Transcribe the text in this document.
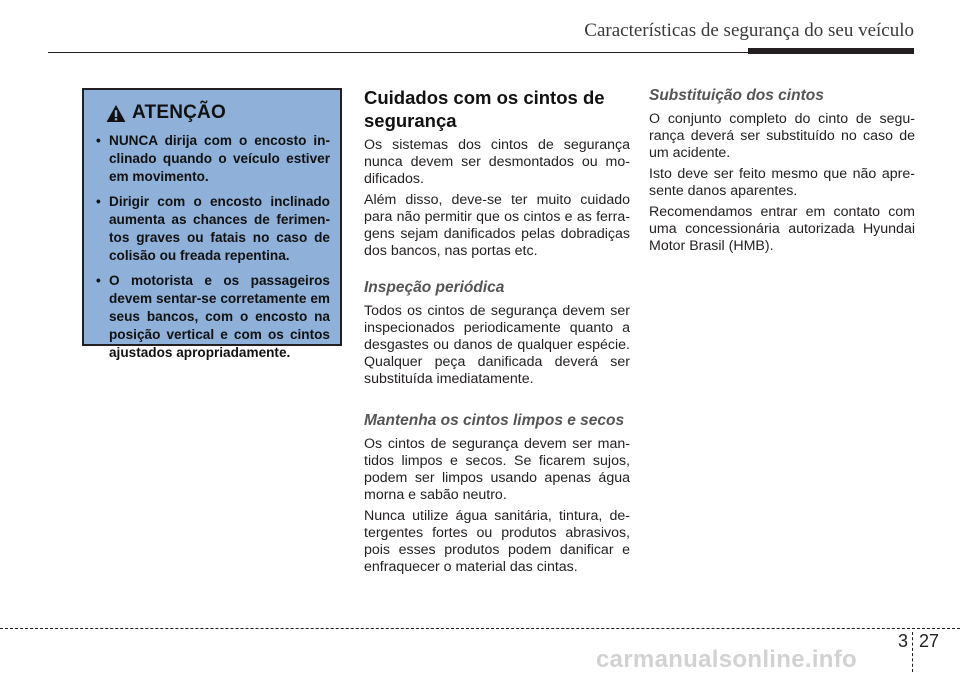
Características de segurança do seu veículo
ATENÇÃO
• NUNCA dirija com o encosto inclinado quando o veículo estiver em movimento.
• Dirigir com o encosto inclinado aumenta as chances de ferimentos graves ou fatais no caso de colisão ou freada repentina.
• O motorista e os passageiros devem sentar-se corretamente em seus bancos, com o encosto na posição vertical e com os cintos ajustados apropriadamente.
Cuidados com os cintos de segurança

Os sistemas dos cintos de segurança nunca devem ser desmontados ou modificados.

Além disso, deve-se ter muito cuidado para não permitir que os cintos e as ferragens sejam danificados pelas dobradiças dos bancos, nas portas etc.

Inspeção periódica

Todos os cintos de segurança devem ser inspecionados periodicamente quanto a desgastes ou danos de qualquer espécie. Qualquer peça danificada deverá ser substituída imediatamente.

Mantenha os cintos limpos e secos

Os cintos de segurança devem ser mantidos limpos e secos. Se ficarem sujos, podem ser limpos usando apenas água morna e sabão neutro.

Nunca utilize água sanitária, tintura, detergentes fortes ou produtos abrasivos, pois esses produtos podem danificar e enfraquecer o material das cintas.

Substituição dos cintos

O conjunto completo do cinto de segurança deverá ser substituído no caso de um acidente.

Isto deve ser feito mesmo que não apresente danos aparentes.

Recomendamos entrar em contato com uma concessionária autorizada Hyundai Motor Brasil (HMB).

3 27
carmanualsonline.info
